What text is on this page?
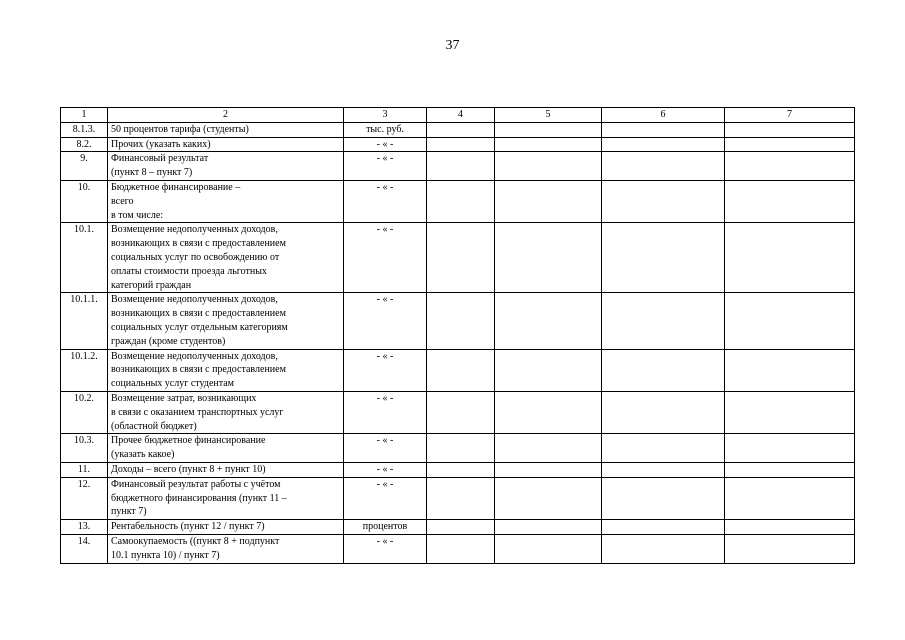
37
1	2	3	4	5	6	7
8.1.3.	50 процентов тарифа (студенты)	тыс. руб.				
8.2.	Прочих (указать каких)	- « -				
9.	Финансовый результат
(пункт 8 – пункт 7)	- « -				
10.	Бюджетное финансирование –
всего
в том числе:	- « -				
10.1.	Возмещение недополученных доходов,
возникающих в связи с предоставлением
социальных услуг по освобождению от
оплаты стоимости проезда льготных
категорий граждан	- « -				
10.1.1.	Возмещение недополученных доходов,
возникающих в связи с предоставлением
социальных услуг отдельным категориям
граждан (кроме студентов)	- « -				
10.1.2.	Возмещение недополученных доходов,
возникающих в связи с предоставлением
социальных услуг студентам	- « -				
10.2.	Возмещение затрат, возникающих
в связи с оказанием транспортных услуг
(областной бюджет)	- « -				
10.3.	Прочее бюджетное финансирование
(указать какое)	- « -				
11.	Доходы – всего (пункт 8 + пункт 10)	- « -				
12.	Финансовый результат работы с учётом
бюджетного финансирования (пункт 11 –
пункт 7)	- « -				
13.	Рентабельность (пункт 12 / пункт 7)	процентов				
14.	Самоокупаемость ((пункт 8 + подпункт
10.1 пункта 10) / пункт 7)	- « -				
